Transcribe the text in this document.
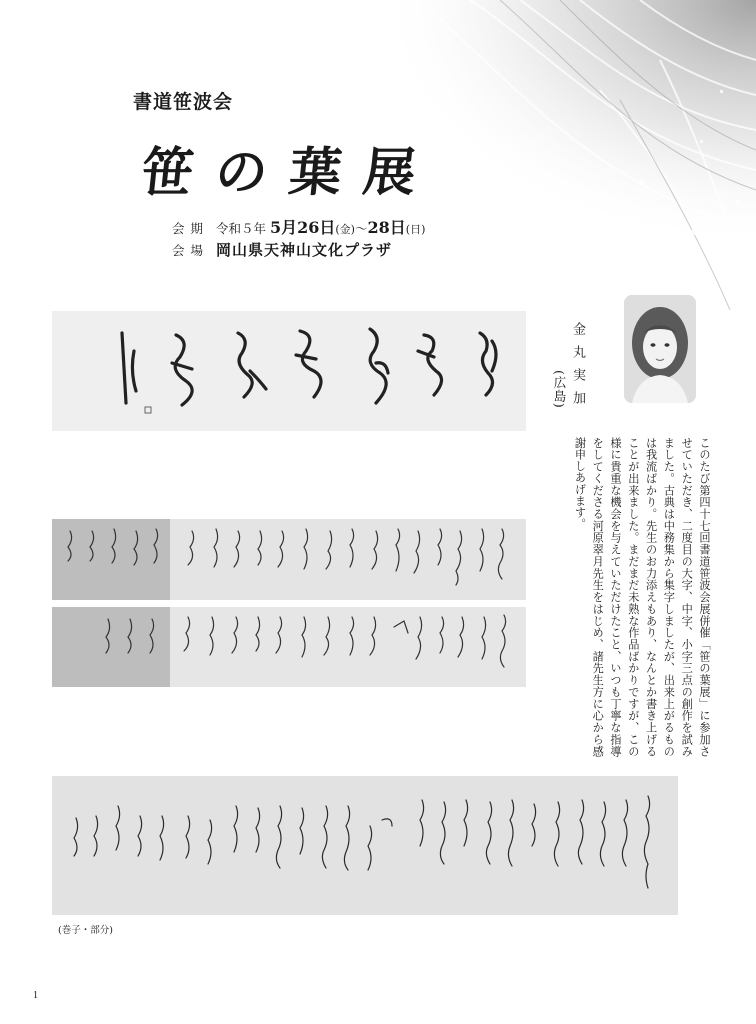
書道笹波会
笹の葉展
会期 令和５年 5月26日(金)～28日(日)
会場 岡山県天神山文化プラザ
(巻子・部分)
金丸実加
(広島)
このたび第四十七回書道笹波会展併催「笹の葉展」に参加させていただき、二度目の大字、中字、小字三点の創作を試みました。古典は中務集から集字しましたが、出来上がるものは我流ばかり。先生のお力添えもあり、なんとか書き上げることが出来ました。まだまだ未熟な作品ばかりですが、この様に貴重な機会を与えていただけたこと、いつも丁寧な指導をしてくださる河原翠月先生をはじめ、諸先生方に心から感謝申しあげます。
1
